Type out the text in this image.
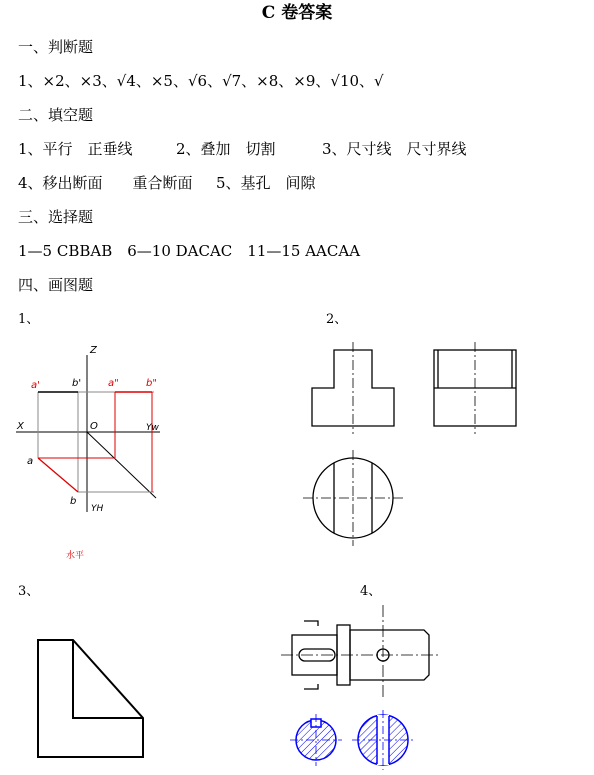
C 卷答案
一、判断题
1、×2、×3、√4、×5、√6、√7、×8、×9、√10、√
二、填空题
1、平行　正垂线	2、叠加　切割	3、尺寸线　尺寸界线
4、移出断面　　重合断面 5、基孔　间隙
三、选择题
1—5 CBBAB　6—10 DACAC　11—15 AACAA
四、画图题
1、	2、
3、	4、
Z
X	O	Yw
YH
a'	b'	a"	b"
a
b
水平
